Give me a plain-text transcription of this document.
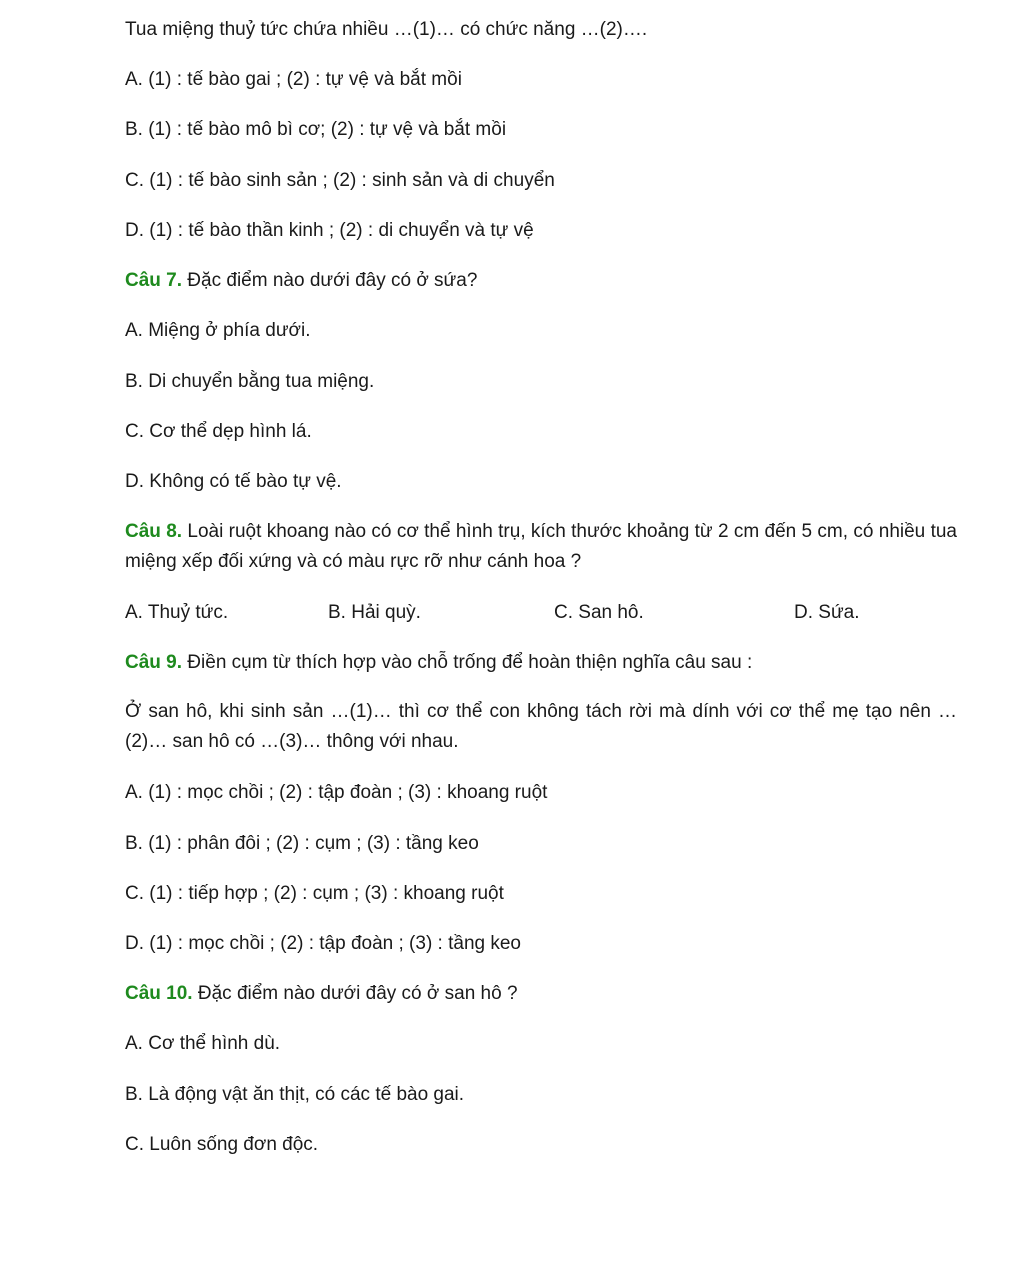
Tua miệng thuỷ tức chứa nhiều …(1)… có chức năng …(2)….
A. (1) : tế bào gai ; (2) : tự vệ và bắt mồi
B. (1) : tế bào mô bì cơ; (2) : tự vệ và bắt mồi
C. (1) : tế bào sinh sản ; (2) : sinh sản và di chuyển
D. (1) : tế bào thần kinh ; (2) : di chuyển và tự vệ
Câu 7. Đặc điểm nào dưới đây có ở sứa?
A. Miệng ở phía dưới.
B. Di chuyển bằng tua miệng.
C. Cơ thể dẹp hình lá.
D. Không có tế bào tự vệ.
Câu 8. Loài ruột khoang nào có cơ thể hình trụ, kích thước khoảng từ 2 cm đến 5 cm, có nhiều tua miệng xếp đối xứng và có màu rực rỡ như cánh hoa ?
A. Thuỷ tức.	B. Hải quỳ.	C. San hô.	D. Sứa.
Câu 9. Điền cụm từ thích hợp vào chỗ trống để hoàn thiện nghĩa câu sau :
Ở san hô, khi sinh sản …(1)… thì cơ thể con không tách rời mà dính với cơ thể mẹ tạo nên …(2)… san hô có …(3)… thông với nhau.
A. (1) : mọc chồi ; (2) : tập đoàn ; (3) : khoang ruột
B. (1) : phân đôi ; (2) : cụm ; (3) : tầng keo
C. (1) : tiếp hợp ; (2) : cụm ; (3) : khoang ruột
D. (1) : mọc chồi ; (2) : tập đoàn ; (3) : tầng keo
Câu 10. Đặc điểm nào dưới đây có ở san hô ?
A. Cơ thể hình dù.
B. Là động vật ăn thịt, có các tế bào gai.
C. Luôn sống đơn độc.
